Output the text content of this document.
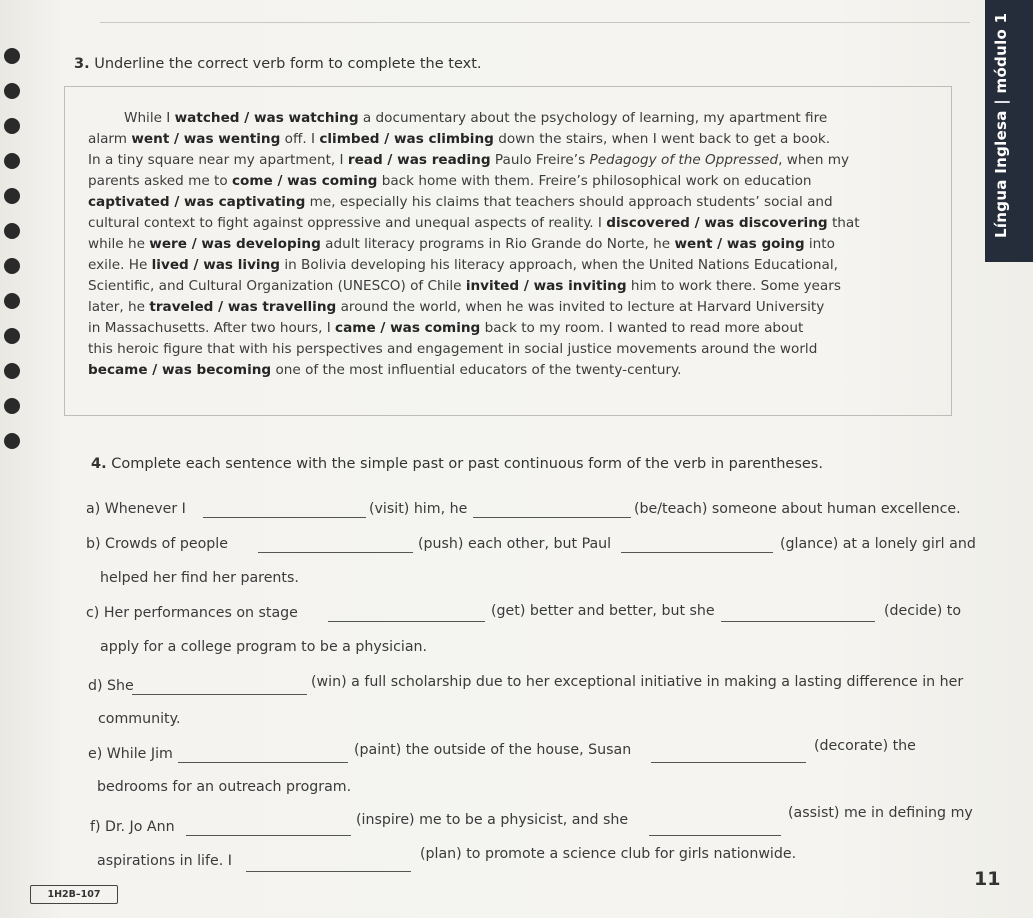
Língua Inglesa | módulo 1
3. Underline the correct verb form to complete the text.
While I watched / was watching a documentary about the psychology of learning, my apartment fire
alarm went / was wenting off. I climbed / was climbing down the stairs, when I went back to get a book.
In a tiny square near my apartment, I read / was reading Paulo Freire’s Pedagogy of the Oppressed, when my
parents asked me to come / was coming back home with them. Freire’s philosophical work on education
captivated / was captivating me, especially his claims that teachers should approach students’ social and
cultural context to fight against oppressive and unequal aspects of reality. I discovered / was discovering that
while he were / was developing adult literacy programs in Rio Grande do Norte, he went / was going into
exile. He lived / was living in Bolivia developing his literacy approach, when the United Nations Educational,
Scientific, and Cultural Organization (UNESCO) of Chile invited / was inviting him to work there. Some years
later, he traveled / was travelling around the world, when he was invited to lecture at Harvard University
in Massachusetts. After two hours, I came / was coming back to my room. I wanted to read more about
this heroic figure that with his perspectives and engagement in social justice movements around the world
became / was becoming one of the most influential educators of the twenty-century.
4. Complete each sentence with the simple past or past continuous form of the verb in parentheses.
a) Whenever I	(visit) him, he	(be/teach) someone about human excellence.
b) Crowds of people	(push) each other, but Paul	(glance) at a lonely girl and
helped her find her parents.
c) Her performances on stage	(get) better and better, but she	(decide) to
apply for a college program to be a physician.
d) She	(win) a full scholarship due to her exceptional initiative in making a lasting difference in her
community.
e) While Jim	(paint) the outside of the house, Susan	(decorate) the
bedrooms for an outreach program.
f) Dr. Jo Ann	(inspire) me to be a physicist, and she	(assist) me in defining my
aspirations in life. I	(plan) to promote a science club for girls nationwide.
1H2B–107
11
